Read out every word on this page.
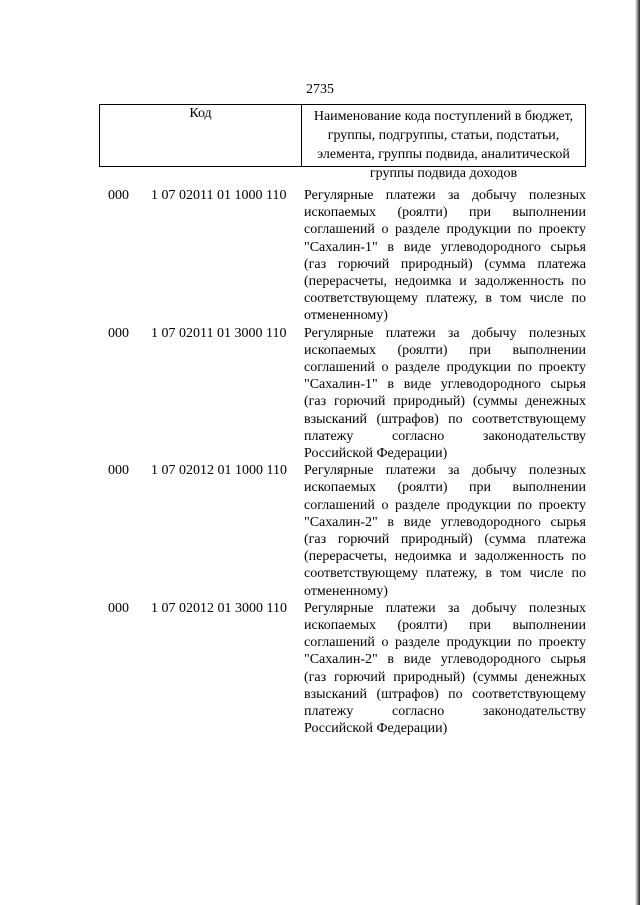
2735
Код	Наименование кода поступлений в бюджет,
группы, подгруппы, статьи, подстатьи,
элемента, группы подвида, аналитической
группы подвида доходов
000	1 07 02011 01 1000 110	Регулярные платежи за добычу полезных
ископаемых (роялти) при выполнении
соглашений о разделе продукции по проекту
"Сахалин-1" в виде углеводородного сырья
(газ горючий природный) (сумма платежа
(перерасчеты, недоимка и задолженность по
соответствующему платежу, в том числе по
отмененному)
000	1 07 02011 01 3000 110	Регулярные платежи за добычу полезных
ископаемых (роялти) при выполнении
соглашений о разделе продукции по проекту
"Сахалин-1" в виде углеводородного сырья
(газ горючий природный) (суммы денежных
взысканий (штрафов) по соответствующему
платежу согласно законодательству
Российской Федерации)
000	1 07 02012 01 1000 110	Регулярные платежи за добычу полезных
ископаемых (роялти) при выполнении
соглашений о разделе продукции по проекту
"Сахалин-2" в виде углеводородного сырья
(газ горючий природный) (сумма платежа
(перерасчеты, недоимка и задолженность по
соответствующему платежу, в том числе по
отмененному)
000	1 07 02012 01 3000 110	Регулярные платежи за добычу полезных
ископаемых (роялти) при выполнении
соглашений о разделе продукции по проекту
"Сахалин-2" в виде углеводородного сырья
(газ горючий природный) (суммы денежных
взысканий (штрафов) по соответствующему
платежу согласно законодательству
Российской Федерации)
